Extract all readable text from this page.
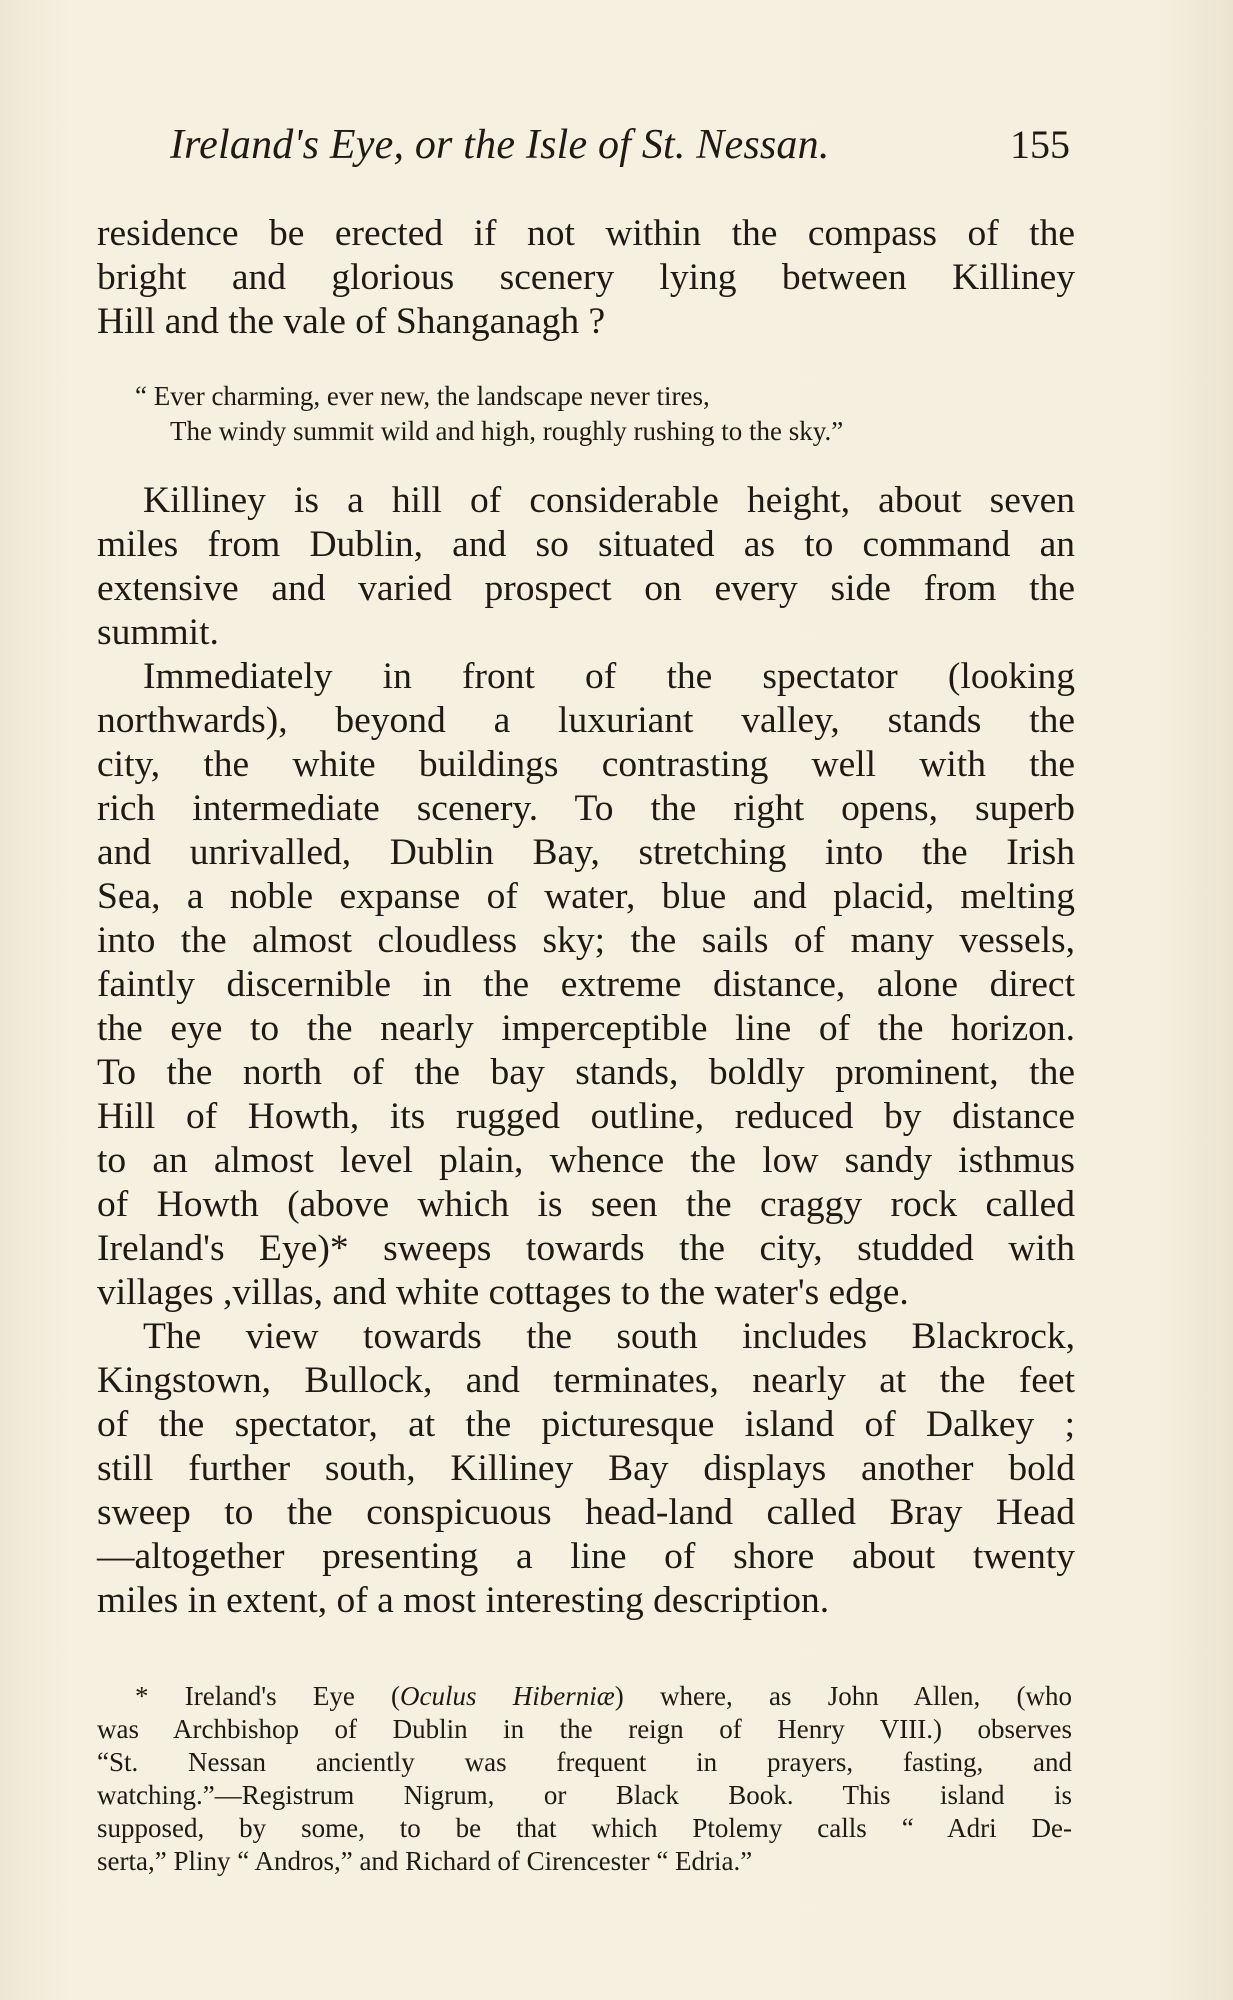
Ireland's Eye, or the Isle of St. Nessan.	155
residence be erected if not within the compass of the
bright and glorious scenery lying between Killiney
Hill and the vale of Shanganagh ?
“ Ever charming, ever new, the landscape never tires,
The windy summit wild and high, roughly rushing to the sky.”
Killiney is a hill of considerable height, about seven
miles from Dublin, and so situated as to command an
extensive and varied prospect on every side from the
summit.
Immediately in front of the spectator (looking
northwards), beyond a luxuriant valley, stands the
city, the white buildings contrasting well with the
rich intermediate scenery. To the right opens, superb
and unrivalled, Dublin Bay, stretching into the Irish
Sea, a noble expanse of water, blue and placid, melting
into the almost cloudless sky; the sails of many vessels,
faintly discernible in the extreme distance, alone direct
the eye to the nearly imperceptible line of the horizon.
To the north of the bay stands, boldly prominent, the
Hill of Howth, its rugged outline, reduced by distance
to an almost level plain, whence the low sandy isthmus
of Howth (above which is seen the craggy rock called
Ireland's Eye)* sweeps towards the city, studded with
villages ,villas, and white cottages to the water's edge.
The view towards the south includes Blackrock,
Kingstown, Bullock, and terminates, nearly at the feet
of the spectator, at the picturesque island of Dalkey ;
still further south, Killiney Bay displays another bold
sweep to the conspicuous head-land called Bray Head
—altogether presenting a line of shore about twenty
miles in extent, of a most interesting description.
* Ireland's Eye (Oculus Hiberniæ) where, as John Allen, (who
was Archbishop of Dublin in the reign of Henry VIII.) observes
“St. Nessan anciently was frequent in prayers, fasting, and
watching.”—Registrum Nigrum, or Black Book. This island is
supposed, by some, to be that which Ptolemy calls “ Adri De-
serta,” Pliny “ Andros,” and Richard of Cirencester “ Edria.”
